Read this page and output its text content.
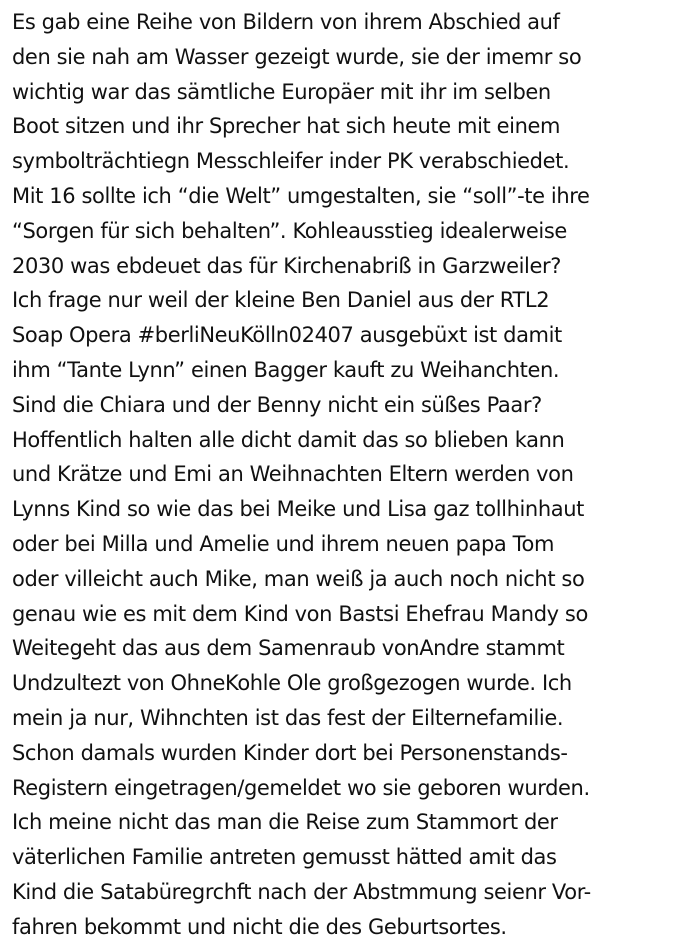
Es gab eine Reihe von Bildern von ihrem Abschied auf
den sie nah am Wasser gezeigt wurde, sie der imemr so
wichtig war das sämtliche Europäer mit ihr im selben
Boot sitzen und ihr Sprecher hat sich heute mit einem
symbolträchtiegn Messchleifer inder PK verabschiedet.
Mit 16 sollte ich “die Welt” umgestalten, sie “soll”-te ihre
“Sorgen für sich behalten”. Kohleausstieg idealerweise
2030 was ebdeuet das für Kirchenabriß in Garzweiler?
Ich frage nur weil der kleine Ben Daniel aus der RTL2
Soap Opera #berliNeuKölln02407 ausgebüxt ist damit
ihm “Tante Lynn” einen Bagger kauft zu Weihanchten.
Sind die Chiara und der Benny nicht ein süßes Paar?
Hoffentlich halten alle dicht damit das so blieben kann
und Krätze und Emi an Weihnachten Eltern werden von
Lynns Kind so wie das bei Meike und Lisa gaz tollhinhaut
oder bei Milla und Amelie und ihrem neuen papa Tom
oder villeicht auch Mike, man weiß ja auch noch nicht so
genau wie es mit dem Kind von Bastsi Ehefrau Mandy so
Weitegeht das aus dem Samenraub vonAndre stammt
Undzultezt von OhneKohle Ole großgezogen wurde. Ich
mein ja nur, Wihnchten ist das fest der Eilternefamilie.
Schon damals wurden Kinder dort bei Personenstands-
Registern eingetragen/gemeldet wo sie geboren wurden.
Ich meine nicht das man die Reise zum Stammort der
väterlichen Familie antreten gemusst hätted amit das
Kind die Satabüregrchft nach der Abstmmung seienr Vor-
fahren bekommt und nicht die des Geburtsortes.
